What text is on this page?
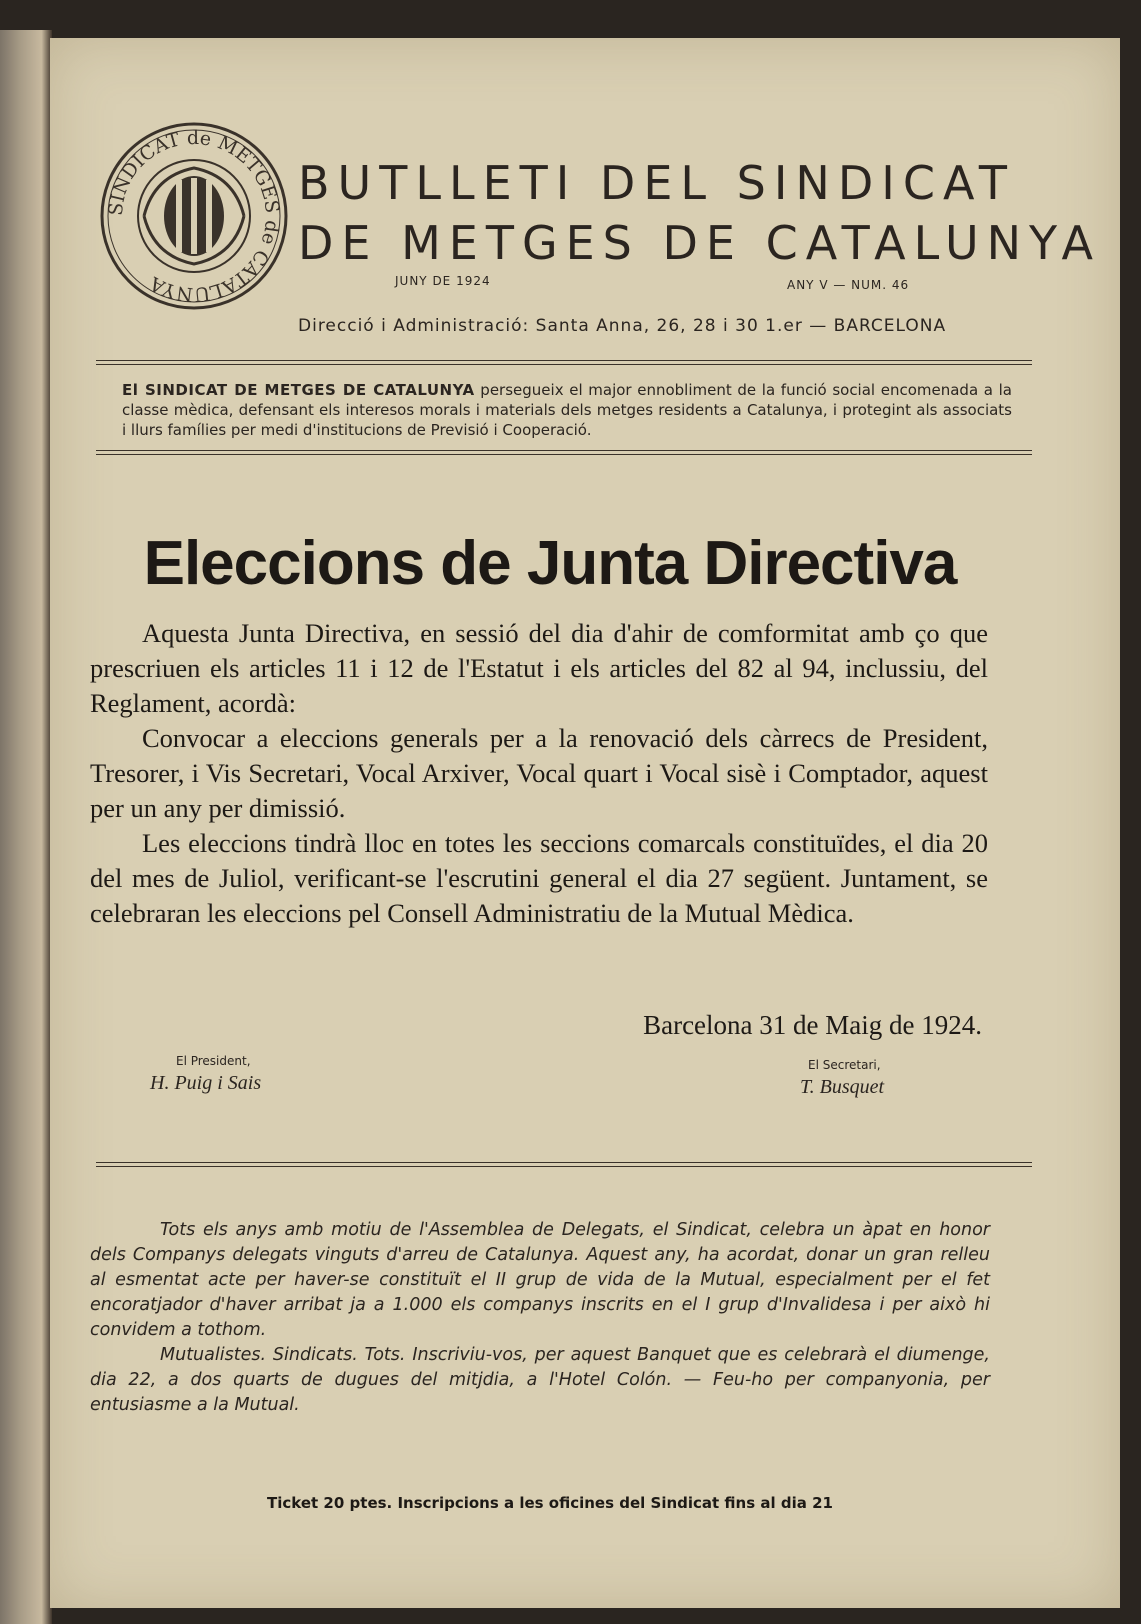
SINDICAT de METGES de CATALUNYA
BUTLLETI DEL SINDICAT
DE METGES DE CATALUNYA
JUNY DE 1924	ANY V — NUM. 46
Direcció i Administració: Santa Anna, 26, 28 i 30 1.er — BARCELONA
El SINDICAT DE METGES DE CATALUNYA persegueix el major ennobliment de la funció social encomenada a la classe mèdica, defensant els interesos morals i materials dels metges residents a Catalunya, i protegint als associats i llurs famílies per medi d'institucions de Previsió i Cooperació.
Eleccions de Junta Directiva

Aquesta Junta Directiva, en sessió del dia d'ahir de comformitat amb ço que prescriuen els articles 11 i 12 de l'Estatut i els articles del 82 al 94, inclussiu, del Reglament, acordà:

Convocar a eleccions generals per a la renovació dels càrrecs de President, Tresorer, i Vis Secretari, Vocal Arxiver, Vocal quart i Vocal sisè i Comptador, aquest per un any per dimissió.

Les eleccions tindrà lloc en totes les seccions comarcals constituïdes, el dia 20 del mes de Juliol, verificant-se l'escrutini general el dia 27 següent. Juntament, se celebraran les eleccions pel Consell Administratiu de la Mutual Mèdica.

Barcelona 31 de Maig de 1924.
El President,
H. Puig i Sais
El Secretari,
T. Busquet

Tots els anys amb motiu de l'Assemblea de Delegats, el Sindicat, celebra un àpat en honor dels Companys delegats vinguts d'arreu de Catalunya. Aquest any, ha acordat, donar un gran relleu al esmentat acte per haver-se constituït el II grup de vida de la Mutual, especialment per el fet encoratjador d'haver arribat ja a 1.000 els companys inscrits en el I grup d'Invalidesa i per això hi convidem a tothom.

Mutualistes. Sindicats. Tots. Inscriviu-vos, per aquest Banquet que es celebrarà el diumenge, dia 22, a dos quarts de dugues del mitjdia, a l'Hotel Colón. — Feu-ho per companyonia, per entusiasme a la Mutual.

Ticket 20 ptes. Inscripcions a les oficines del Sindicat fins al dia 21
